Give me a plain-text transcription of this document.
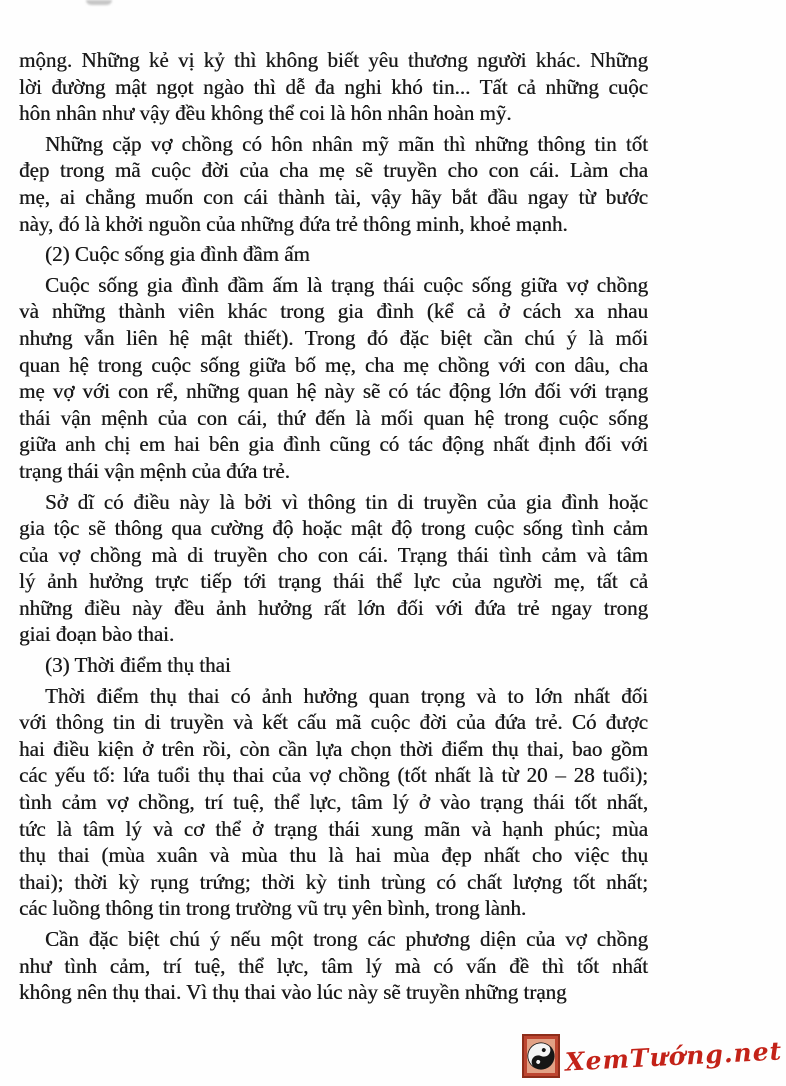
mộng. Những kẻ vị kỷ thì không biết yêu thương người khác. Những
lời đường mật ngọt ngào thì dễ đa nghi khó tin... Tất cả những cuộc
hôn nhân như vậy đều không thể coi là hôn nhân hoàn mỹ.
Những cặp vợ chồng có hôn nhân mỹ mãn thì những thông tin tốt
đẹp trong mã cuộc đời của cha mẹ sẽ truyền cho con cái. Làm cha
mẹ, ai chẳng muốn con cái thành tài, vậy hãy bắt đầu ngay từ bước
này, đó là khởi nguồn của những đứa trẻ thông minh, khoẻ mạnh.
(2) Cuộc sống gia đình đầm ấm
Cuộc sống gia đình đầm ấm là trạng thái cuộc sống giữa vợ chồng
và những thành viên khác trong gia đình (kể cả ở cách xa nhau
nhưng vẫn liên hệ mật thiết). Trong đó đặc biệt cần chú ý là mối
quan hệ trong cuộc sống giữa bố mẹ, cha mẹ chồng với con dâu, cha
mẹ vợ với con rể, những quan hệ này sẽ có tác động lớn đối với trạng
thái vận mệnh của con cái, thứ đến là mối quan hệ trong cuộc sống
giữa anh chị em hai bên gia đình cũng có tác động nhất định đối với
trạng thái vận mệnh của đứa trẻ.
Sở dĩ có điều này là bởi vì thông tin di truyền của gia đình hoặc
gia tộc sẽ thông qua cường độ hoặc mật độ trong cuộc sống tình cảm
của vợ chồng mà di truyền cho con cái. Trạng thái tình cảm và tâm
lý ảnh hưởng trực tiếp tới trạng thái thể lực của người mẹ, tất cả
những điều này đều ảnh hưởng rất lớn đối với đứa trẻ ngay trong
giai đoạn bào thai.
(3) Thời điểm thụ thai
Thời điểm thụ thai có ảnh hưởng quan trọng và to lớn nhất đối
với thông tin di truyền và kết cấu mã cuộc đời của đứa trẻ. Có được
hai điều kiện ở trên rồi, còn cần lựa chọn thời điểm thụ thai, bao gồm
các yếu tố: lứa tuổi thụ thai của vợ chồng (tốt nhất là từ 20 – 28 tuổi);
tình cảm vợ chồng, trí tuệ, thể lực, tâm lý ở vào trạng thái tốt nhất,
tức là tâm lý và cơ thể ở trạng thái xung mãn và hạnh phúc; mùa
thụ thai (mùa xuân và mùa thu là hai mùa đẹp nhất cho việc thụ
thai); thời kỳ rụng trứng; thời kỳ tinh trùng có chất lượng tốt nhất;
các luồng thông tin trong trường vũ trụ yên bình, trong lành.
Cần đặc biệt chú ý nếu một trong các phương diện của vợ chồng
như tình cảm, trí tuệ, thể lực, tâm lý mà có vấn đề thì tốt nhất
không nên thụ thai. Vì thụ thai vào lúc này sẽ truyền những trạng
XemTướng.net
